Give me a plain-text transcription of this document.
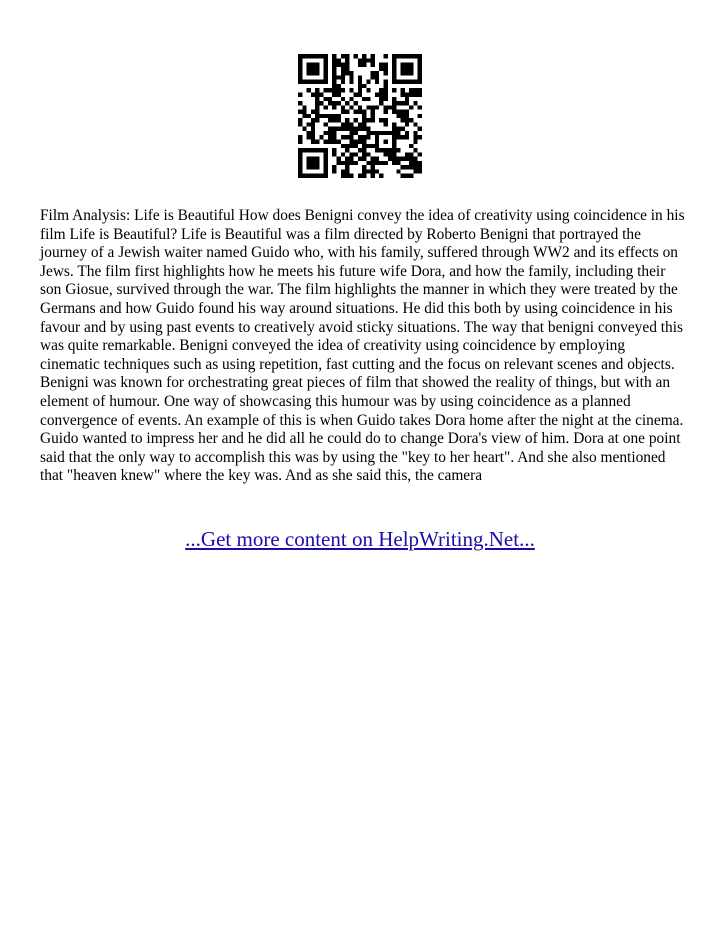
Film Analysis: Life is Beautiful How does Benigni convey the idea of creativity using coincidence in his film Life is Beautiful? Life is Beautiful was a film directed by Roberto Benigni that portrayed the journey of a Jewish waiter named Guido who, with his family, suffered through WW2 and its effects on Jews. The film first highlights how he meets his future wife Dora, and how the family, including their son Giosue, survived through the war. The film highlights the manner in which they were treated by the Germans and how Guido found his way around situations. He did this both by using coincidence in his favour and by using past events to creatively avoid sticky situations. The way that benigni conveyed this was quite remarkable. Benigni conveyed the idea of creativity using coincidence by employing cinematic techniques such as using repetition, fast cutting and the focus on relevant scenes and objects. Benigni was known for orchestrating great pieces of film that showed the reality of things, but with an element of humour. One way of showcasing this humour was by using coincidence as a planned convergence of events. An example of this is when Guido takes Dora home after the night at the cinema. Guido wanted to impress her and he did all he could do to change Dora's view of him. Dora at one point said that the only way to accomplish this was by using the "key to her heart". And she also mentioned that "heaven knew" where the key was. And as she said this, the camera

...Get more content on HelpWriting.Net...
